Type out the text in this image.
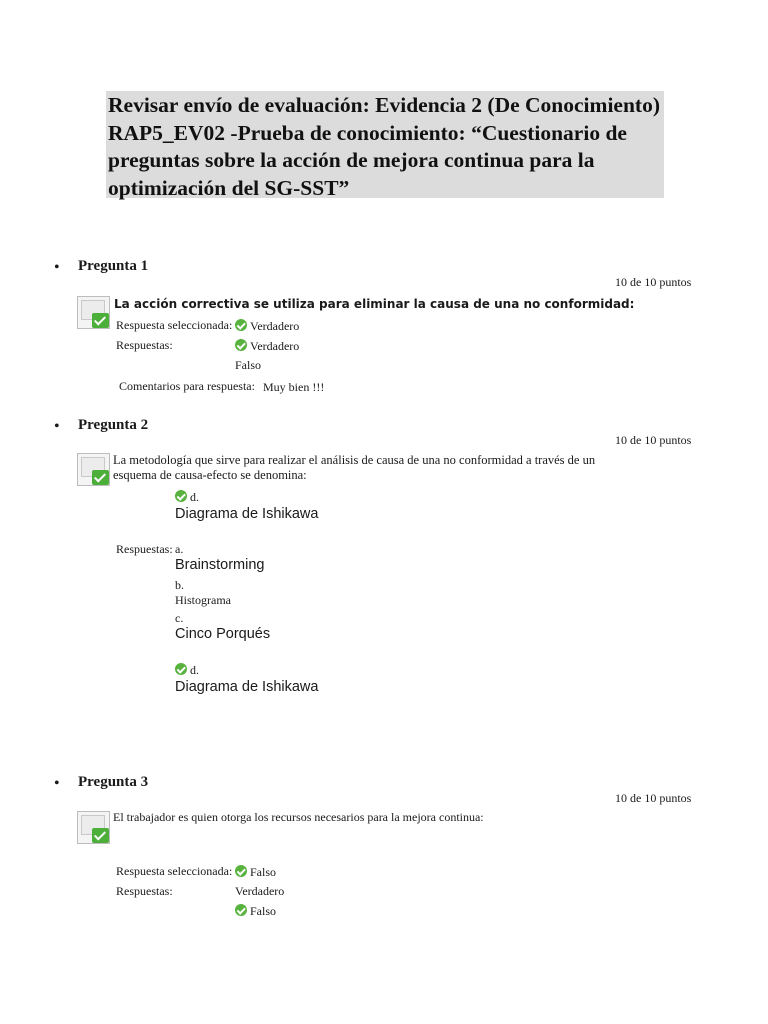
Revisar envío de evaluación: Evidencia 2 (De Conocimiento) RAP5_EV02 -Prueba de conocimiento: “Cuestionario de preguntas sobre la acción de mejora continua para la optimización del SG-SST”
• Pregunta 1
10 de 10 puntos
La acción correctiva se utiliza para eliminar la causa de una no conformidad:
Respuesta seleccionada:	Verdadero
Respuestas:	Verdadero
Falso
Comentarios para respuesta: Muy bien !!!
• Pregunta 2
10 de 10 puntos
La metodología que sirve para realizar el análisis de causa de una no conformidad a través de un esquema de causa-efecto se denomina:
d.
Diagrama de Ishikawa
Respuestas: a.
Brainstorming
b.
Histograma
c.
Cinco Porqués
d.
Diagrama de Ishikawa
• Pregunta 3
10 de 10 puntos
El trabajador es quien otorga los recursos necesarios para la mejora continua:
Respuesta seleccionada:	Falso
Respuestas:	Verdadero
Falso
